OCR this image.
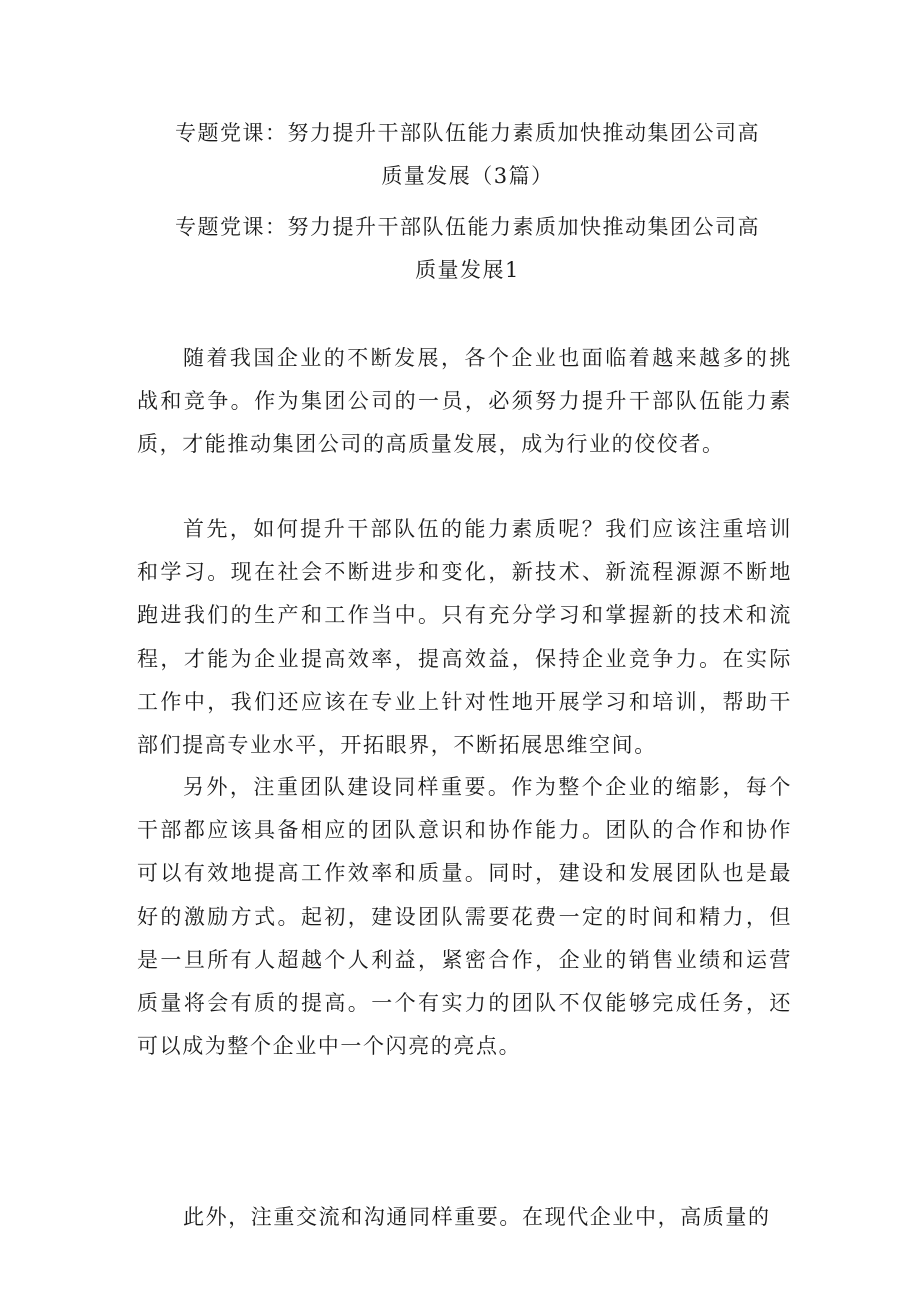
专题党课：努力提升干部队伍能力素质加快推动集团公司高
质量发展（3篇）
专题党课：努力提升干部队伍能力素质加快推动集团公司高
质量发展1

随着我国企业的不断发展，各个企业也面临着越来越多的挑战和竞争。作为集团公司的一员，必须努力提升干部队伍能力素质，才能推动集团公司的高质量发展，成为行业的佼佼者。

首先，如何提升干部队伍的能力素质呢？我们应该注重培训和学习。现在社会不断进步和变化，新技术、新流程源源不断地跑进我们的生产和工作当中。只有充分学习和掌握新的技术和流程，才能为企业提高效率，提高效益，保持企业竞争力。在实际工作中，我们还应该在专业上针对性地开展学习和培训，帮助干部们提高专业水平，开拓眼界，不断拓展思维空间。

另外，注重团队建设同样重要。作为整个企业的缩影，每个干部都应该具备相应的团队意识和协作能力。团队的合作和协作可以有效地提高工作效率和质量。同时，建设和发展团队也是最好的激励方式。起初，建设团队需要花费一定的时间和精力，但是一旦所有人超越个人利益，紧密合作，企业的销售业绩和运营质量将会有质的提高。一个有实力的团队不仅能够完成任务，还可以成为整个企业中一个闪亮的亮点。

此外，注重交流和沟通同样重要。在现代企业中，高质量的
